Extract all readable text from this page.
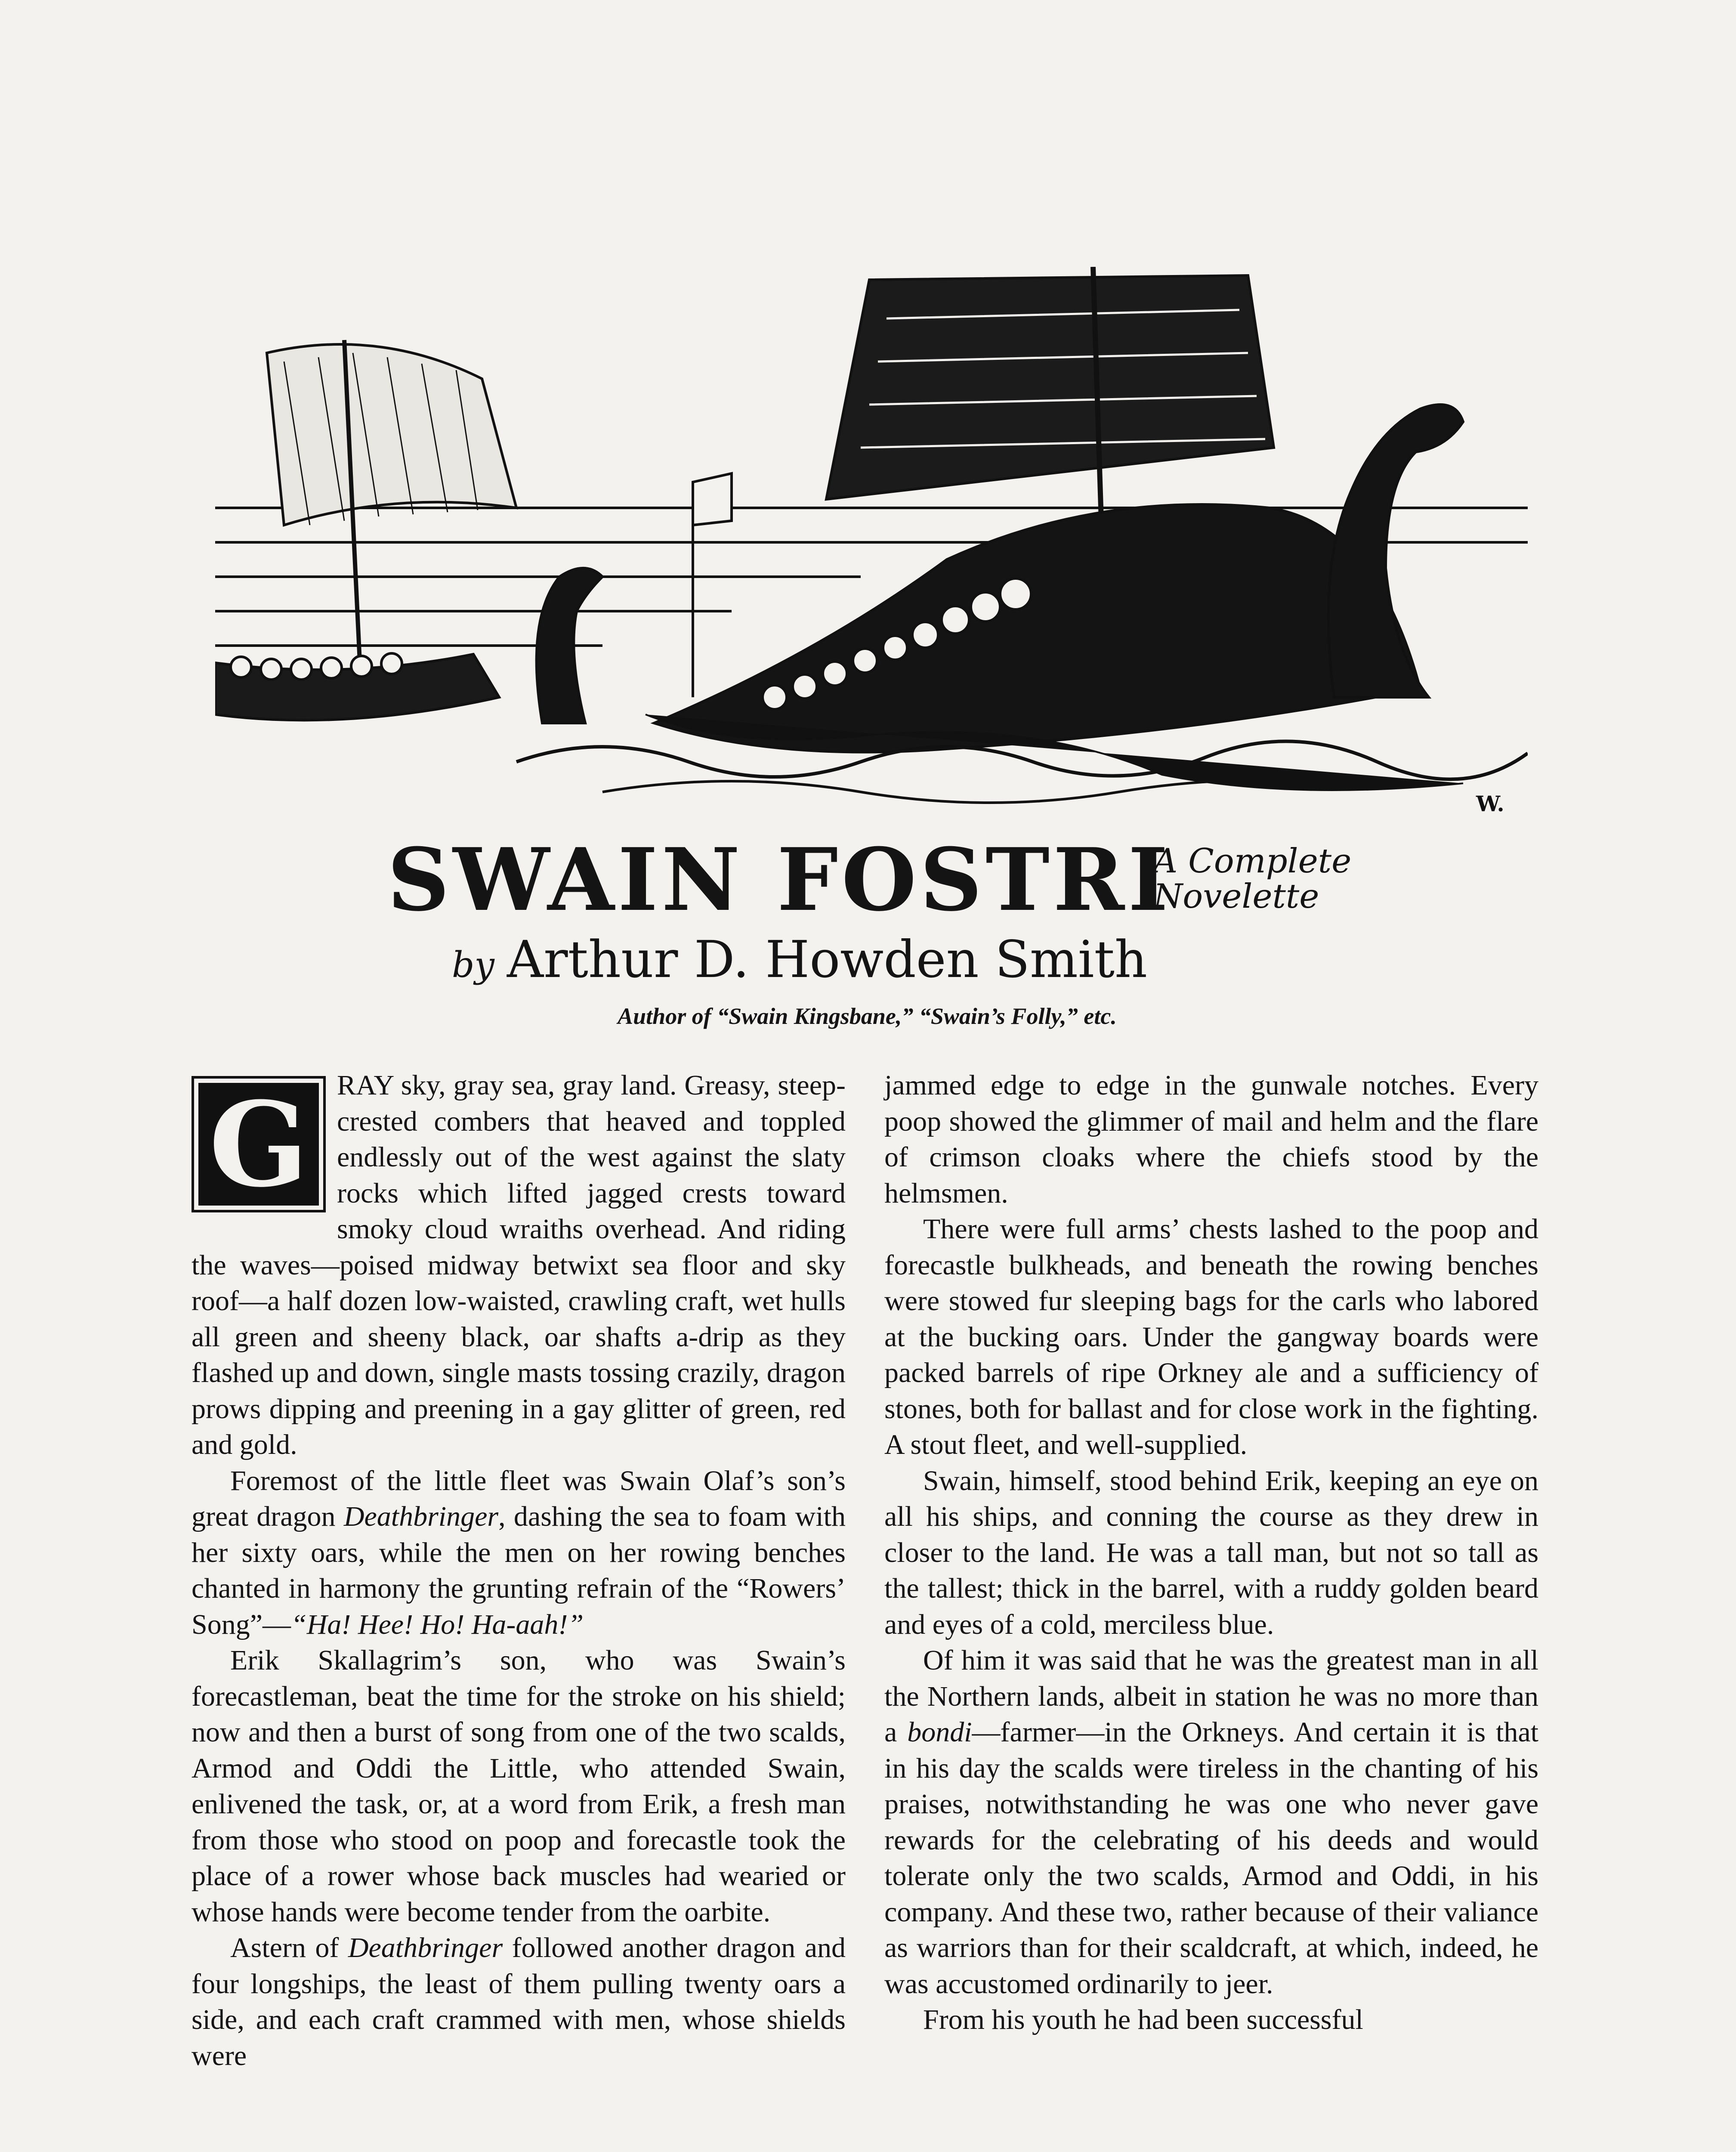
W.
SWAIN FOSTRI
A Complete
Novelette
by Arthur D. Howden Smith
Author of “Swain Kingsbane,” “Swain’s Folly,” etc.

G	RAY sky, gray sea, gray land. Greasy, steep-crested combers that heaved and toppled endlessly out of the west against the slaty rocks which lifted jagged crests toward smoky cloud wraiths overhead. And riding the waves—poised midway betwixt sea floor and sky roof—a half dozen low-waisted, crawling craft, wet hulls all green and sheeny black, oar shafts a-drip as they flashed up and down, single masts tossing crazily, dragon prows dipping and preening in a gay glitter of green, red and gold.

Foremost of the little fleet was Swain Olaf’s son’s great dragon Deathbringer, dashing the sea to foam with her sixty oars, while the men on her rowing benches chanted in harmony the grunting refrain of the “Rowers’ Song”—“Ha! Hee! Ho! Ha-aah!”

Erik Skallagrim’s son, who was Swain’s forecastleman, beat the time for the stroke on his shield; now and then a burst of song from one of the two scalds, Armod and Oddi the Little, who attended Swain, enlivened the task, or, at a word from Erik, a fresh man from those who stood on poop and forecastle took the place of a rower whose back muscles had wearied or whose hands were become tender from the oarbite.

Astern of Deathbringer followed another dragon and four longships, the least of them pulling twenty oars a side, and each craft crammed with men, whose shields were

jammed edge to edge in the gunwale notches. Every poop showed the glimmer of mail and helm and the flare of crimson cloaks where the chiefs stood by the helmsmen.

There were full arms’ chests lashed to the poop and forecastle bulkheads, and beneath the rowing benches were stowed fur sleeping bags for the carls who labored at the bucking oars. Under the gangway boards were packed barrels of ripe Orkney ale and a sufficiency of stones, both for ballast and for close work in the fighting. A stout fleet, and well-supplied.

Swain, himself, stood behind Erik, keeping an eye on all his ships, and conning the course as they drew in closer to the land. He was a tall man, but not so tall as the tallest; thick in the barrel, with a ruddy golden beard and eyes of a cold, merciless blue.

Of him it was said that he was the greatest man in all the Northern lands, albeit in station he was no more than a bondi—farmer—in the Orkneys. And certain it is that in his day the scalds were tireless in the chanting of his praises, notwithstanding he was one who never gave rewards for the celebrating of his deeds and would tolerate only the two scalds, Armod and Oddi, in his company. And these two, rather because of their valiance as warriors than for their scaldcraft, at which, indeed, he was accustomed ordinarily to jeer.

From his youth he had been successful
